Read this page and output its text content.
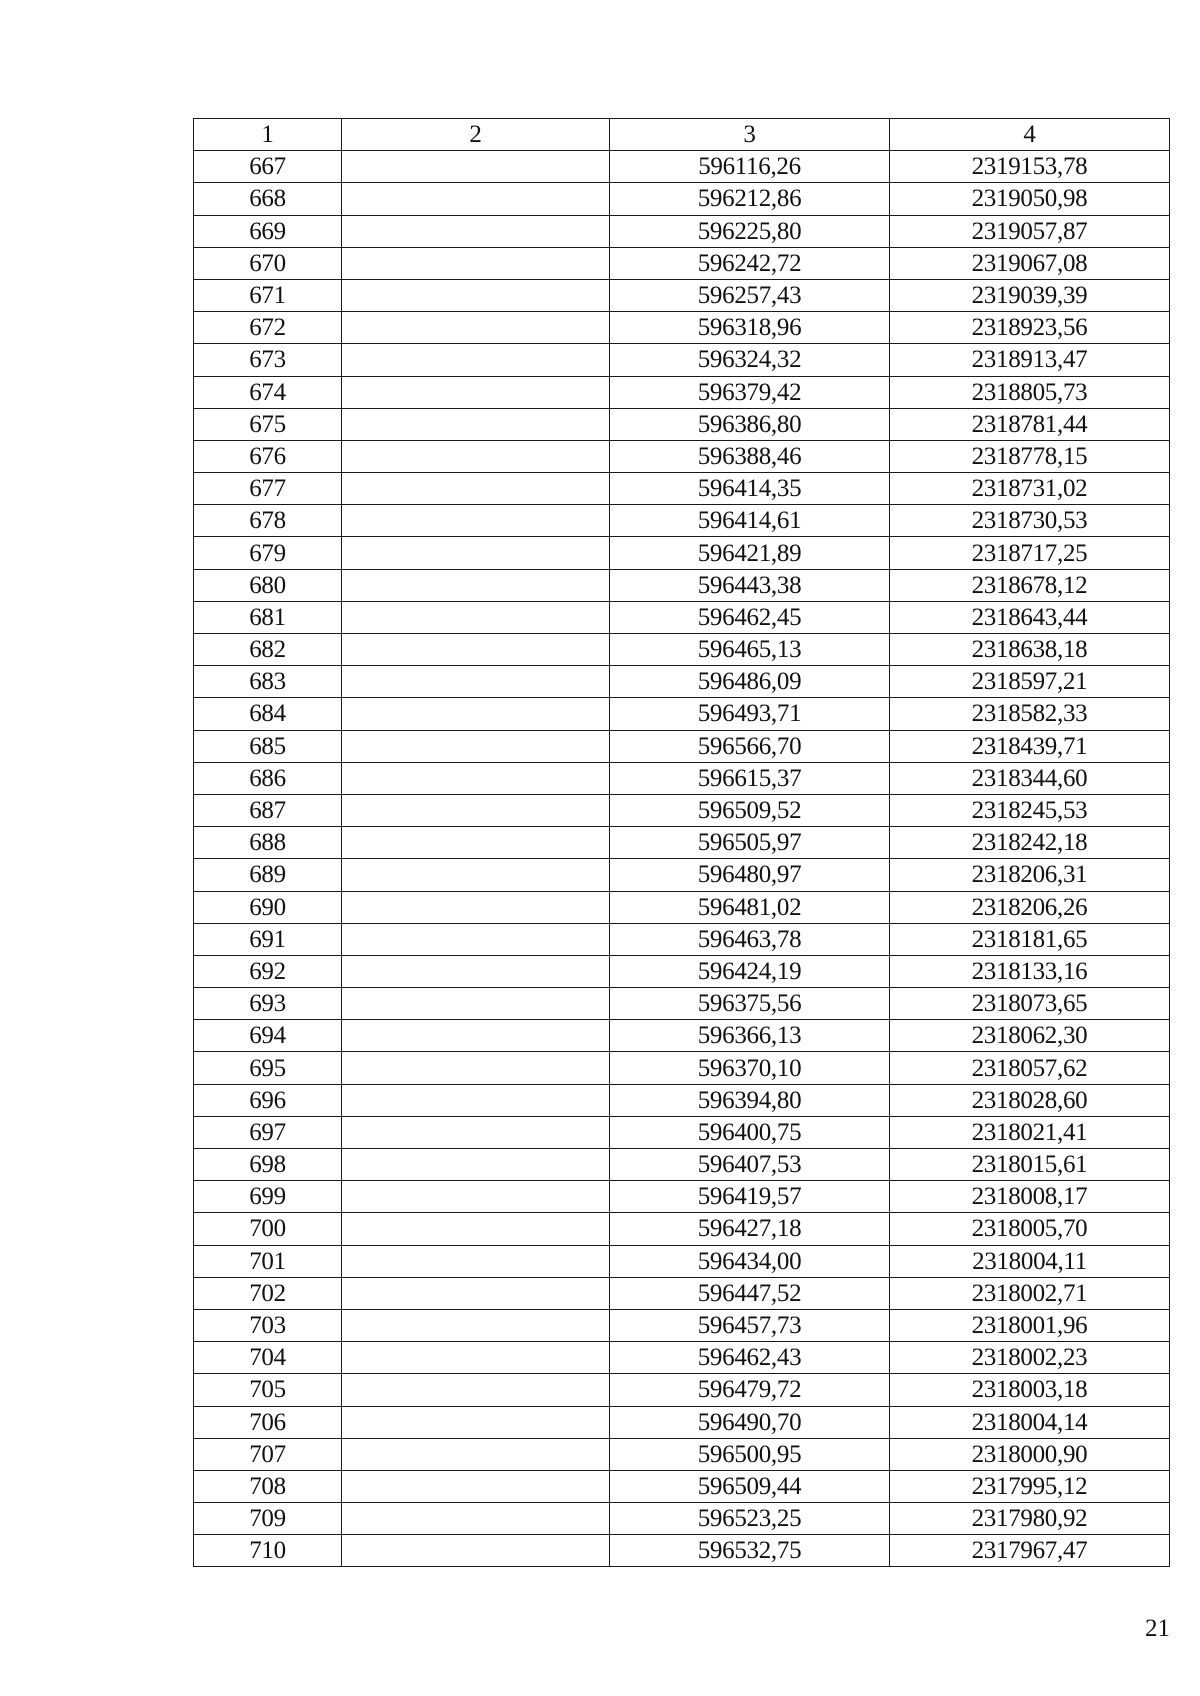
1	2	3	4
667		596116,26	2319153,78
668		596212,86	2319050,98
669		596225,80	2319057,87
670		596242,72	2319067,08
671		596257,43	2319039,39
672		596318,96	2318923,56
673		596324,32	2318913,47
674		596379,42	2318805,73
675		596386,80	2318781,44
676		596388,46	2318778,15
677		596414,35	2318731,02
678		596414,61	2318730,53
679		596421,89	2318717,25
680		596443,38	2318678,12
681		596462,45	2318643,44
682		596465,13	2318638,18
683		596486,09	2318597,21
684		596493,71	2318582,33
685		596566,70	2318439,71
686		596615,37	2318344,60
687		596509,52	2318245,53
688		596505,97	2318242,18
689		596480,97	2318206,31
690		596481,02	2318206,26
691		596463,78	2318181,65
692		596424,19	2318133,16
693		596375,56	2318073,65
694		596366,13	2318062,30
695		596370,10	2318057,62
696		596394,80	2318028,60
697		596400,75	2318021,41
698		596407,53	2318015,61
699		596419,57	2318008,17
700		596427,18	2318005,70
701		596434,00	2318004,11
702		596447,52	2318002,71
703		596457,73	2318001,96
704		596462,43	2318002,23
705		596479,72	2318003,18
706		596490,70	2318004,14
707		596500,95	2318000,90
708		596509,44	2317995,12
709		596523,25	2317980,92
710		596532,75	2317967,47
21
